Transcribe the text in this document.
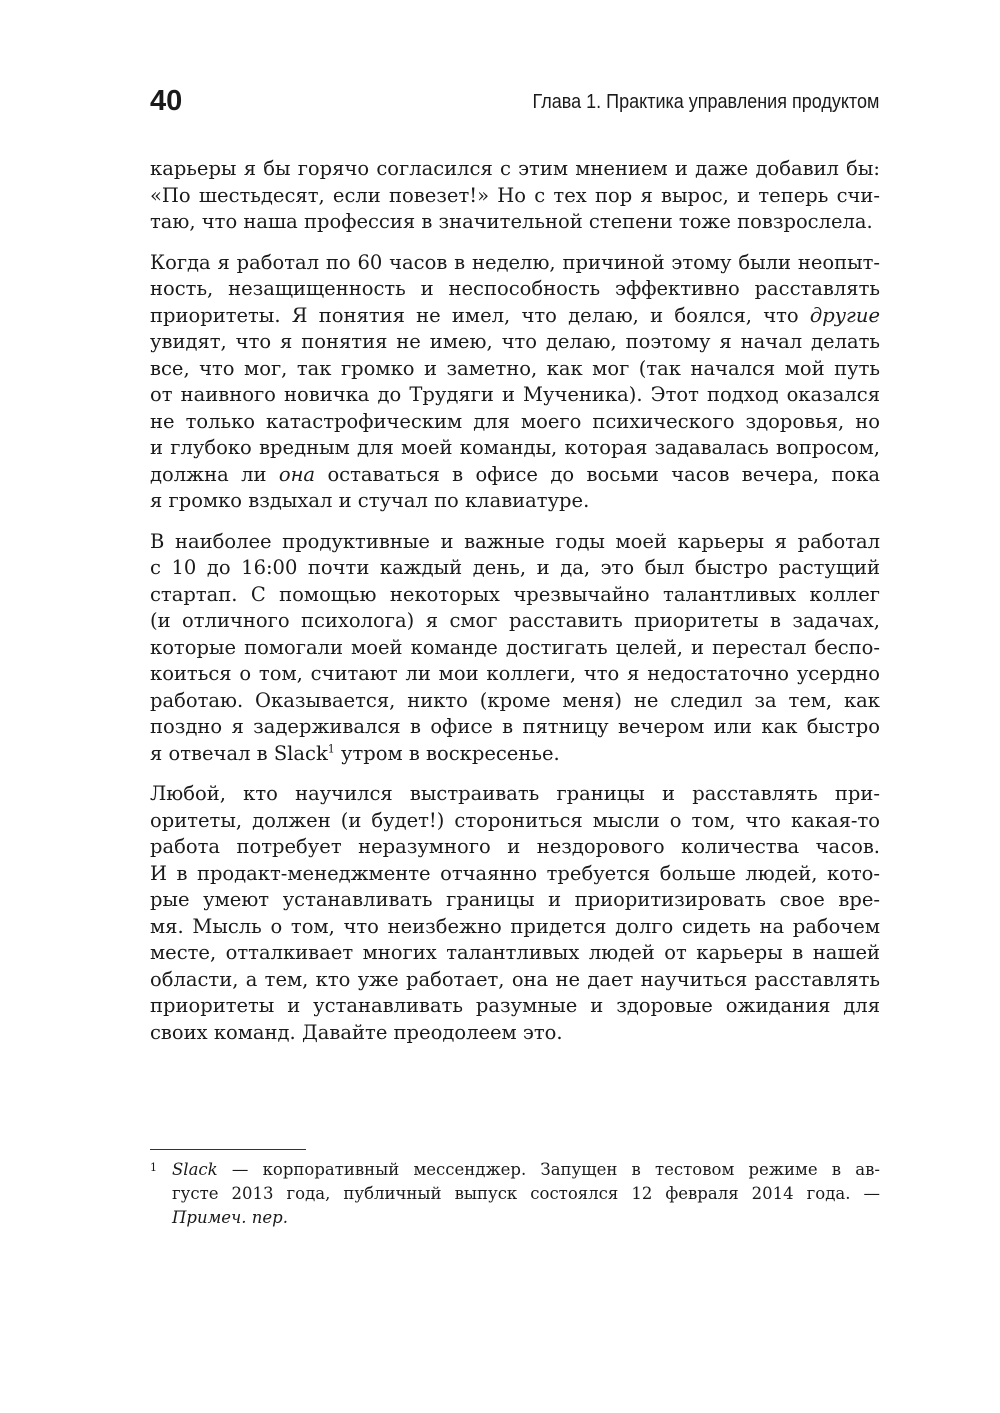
40	Глава 1. Практика управления продуктом
карьеры я бы горячо согласился с этим мнением и даже добавил бы:
«По шестьдесят, если повезет!» Но с тех пор я вырос, и теперь счи-
таю, что наша профессия в значительной степени тоже повзрослела.
Когда я работал по 60 часов в неделю, причиной этому были неопыт-
ность, незащищенность и неспособность эффективно расставлять
приоритеты. Я понятия не имел, что делаю, и боялся, что другие
увидят, что я понятия не имею, что делаю, поэтому я начал делать
все, что мог, так громко и заметно, как мог (так начался мой путь
от наивного новичка до Трудяги и Мученика). Этот подход оказался
не только катастрофическим для моего психического здоровья, но
и глубоко вредным для моей команды, которая задавалась вопросом,
должна ли она оставаться в офисе до восьми часов вечера, пока
я громко вздыхал и стучал по клавиатуре.
В наиболее продуктивные и важные годы моей карьеры я работал
с 10 до 16:00 почти каждый день, и да, это был быстро растущий
стартап. С помощью некоторых чрезвычайно талантливых коллег
(и отличного психолога) я смог расставить приоритеты в задачах,
которые помогали моей команде достигать целей, и перестал беспо-
коиться о том, считают ли мои коллеги, что я недостаточно усердно
работаю. Оказывается, никто (кроме меня) не следил за тем, как
поздно я задерживался в офисе в пятницу вечером или как быстро
я отвечал в Slack$^1$ утром в воскресенье.
Любой, кто научился выстраивать границы и расставлять при-
оритеты, должен (и будет!) сторониться мысли о том, что какая-то
работа потребует неразумного и нездорового количества часов.
И в продакт-менеджменте отчаянно требуется больше людей, кото-
рые умеют устанавливать границы и приоритизировать свое вре-
мя. Мысль о том, что неизбежно придется долго сидеть на рабочем
месте, отталкивает многих талантливых людей от карьеры в нашей
области, а тем, кто уже работает, она не дает научиться расставлять
приоритеты и устанавливать разумные и здоровые ожидания для
своих команд. Давайте преодолеем это.
1 Slack — корпоративный мессенджер. Запущен в тестовом режиме в ав-
густе 2013 года, публичный выпуск состоялся 12 февраля 2014 года. —
Примеч. пер.
